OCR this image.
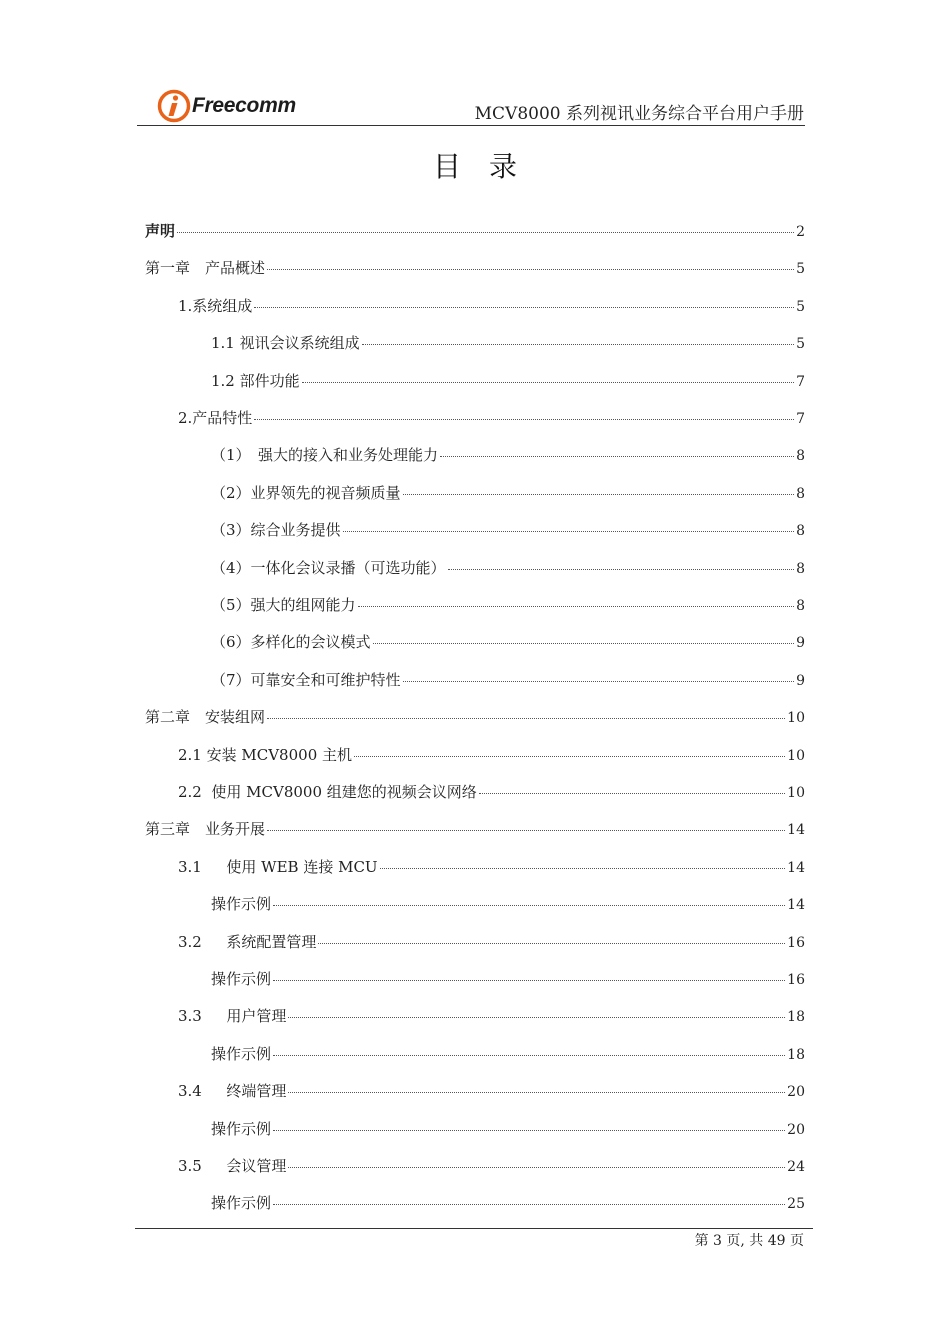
Freecomm	MCV8000 系列视讯业务综合平台用户手册
目录
声明	2
第一章　产品概述	5
1.系统组成	5
1.1 视讯会议系统组成	5
1.2 部件功能	7
2.产品特性	7
（1）　强大的接入和业务处理能力	8
（2）业界领先的视音频质量	8
（3）综合业务提供	8
（4）一体化会议录播（可选功能）	8
（5）强大的组网能力	8
（6）多样化的会议模式	9
（7）可靠安全和可维护特性	9
第二章　安装组网	10
2.1 安装 MCV8000 主机	10
2.2  使用 MCV8000 组建您的视频会议网络	10
第三章　业务开展	14
3.1　  使用 WEB 连接 MCU	14
操作示例	14
3.2　  系统配置管理	16
操作示例	16
3.3　  用户管理	18
操作示例	18
3.4　  终端管理	20
操作示例	20
3.5　  会议管理	24
操作示例	25
第 3 页, 共 49 页
